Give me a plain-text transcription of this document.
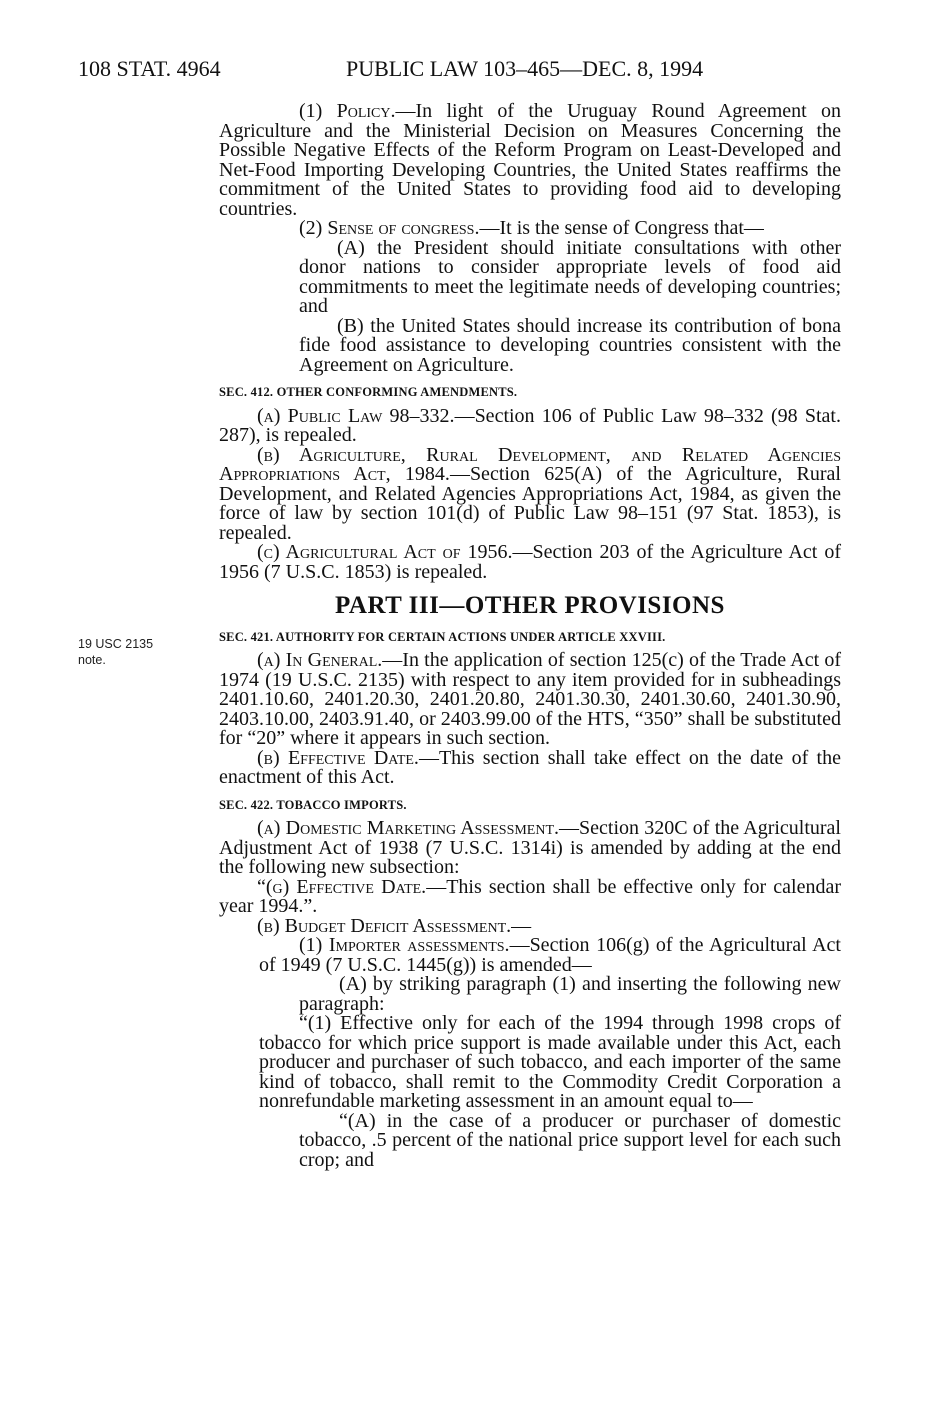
108 STAT. 4964	PUBLIC LAW 103–465—DEC. 8, 1994
19 USC 2135
note.

(1) Policy.—In light of the Uruguay Round Agreement on Agriculture and the Ministerial Decision on Measures Concerning the Possible Negative Effects of the Reform Program on Least-Developed and Net-Food Importing Developing Countries, the United States reaffirms the commitment of the United States to providing food aid to developing countries.

(2) Sense of congress.—It is the sense of Congress that—

(A) the President should initiate consultations with other donor nations to consider appropriate levels of food aid commitments to meet the legitimate needs of developing countries; and

(B) the United States should increase its contribution of bona fide food assistance to developing countries consistent with the Agreement on Agriculture.

SEC. 412. OTHER CONFORMING AMENDMENTS.

(a) Public Law 98–332.—Section 106 of Public Law 98–332 (98 Stat. 287), is repealed.

(b) Agriculture, Rural Development, and Related Agencies Appropriations Act, 1984.—Section 625(A) of the Agriculture, Rural Development, and Related Agencies Appropriations Act, 1984, as given the force of law by section 101(d) of Public Law 98–151 (97 Stat. 1853), is repealed.

(c) Agricultural Act of 1956.—Section 203 of the Agriculture Act of 1956 (7 U.S.C. 1853) is repealed.

PART III—OTHER PROVISIONS

SEC. 421. AUTHORITY FOR CERTAIN ACTIONS UNDER ARTICLE XXVIII.

(a) In General.—In the application of section 125(c) of the Trade Act of 1974 (19 U.S.C. 2135) with respect to any item provided for in subheadings 2401.10.60, 2401.20.30, 2401.20.80, 2401.30.30, 2401.30.60, 2401.30.90, 2403.10.00, 2403.91.40, or 2403.99.00 of the HTS, “350” shall be substituted for “20” where it appears in such section.

(b) Effective Date.—This section shall take effect on the date of the enactment of this Act.

SEC. 422. TOBACCO IMPORTS.

(a) Domestic Marketing Assessment.—Section 320C of the Agricultural Adjustment Act of 1938 (7 U.S.C. 1314i) is amended by adding at the end the following new subsection:

“(g) Effective Date.—This section shall be effective only for calendar year 1994.”.

(b) Budget Deficit Assessment.—

(1) Importer assessments.—Section 106(g) of the Agricultural Act of 1949 (7 U.S.C. 1445(g)) is amended—

(A) by striking paragraph (1) and inserting the following new paragraph:

“(1) Effective only for each of the 1994 through 1998 crops of tobacco for which price support is made available under this Act, each producer and purchaser of such tobacco, and each importer of the same kind of tobacco, shall remit to the Commodity Credit Corporation a nonrefundable marketing assessment in an amount equal to—

“(A) in the case of a producer or purchaser of domestic tobacco, .5 percent of the national price support level for each such crop; and
